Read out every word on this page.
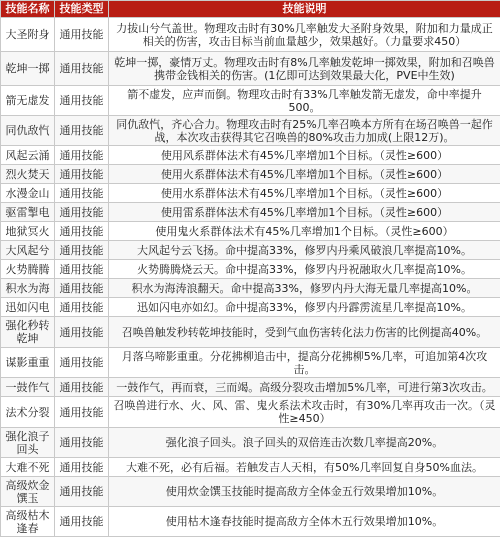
技能名称	技能类型	技能说明
大圣附身	通用技能	力拔山兮气盖世。物理攻击时有30%几率触发大圣附身效果，附加和力量成正相关的伤害，攻击目标当前血量越少，效果越好。（力量要求450）
乾坤一掷	通用技能	乾坤一掷，豪情万丈。物理攻击时有8%几率触发乾坤一掷效果，附加和召唤兽携带金钱相关的伤害。(1亿即可达到效果最大化，PVE中生效)
箭无虚发	通用技能	箭不虚发，应声而倒。物理攻击时有33%几率触发箭无虚发，命中率提升500。
同仇敌忾	通用技能	同仇敌忾，齐心合力。物理攻击时有25%几率召唤本方所有在场召唤兽一起作战，本次攻击获得其它召唤兽的80%攻击力加成(上限12万)。
风起云涌	通用技能	使用风系群体法术有45%几率增加1个目标。（灵性≥600）
烈火焚天	通用技能	使用火系群体法术有45%几率增加1个目标。（灵性≥600）
水漫金山	通用技能	使用水系群体法术有45%几率增加1个目标。（灵性≥600）
驱雷掣电	通用技能	使用雷系群体法术有45%几率增加1个目标。（灵性≥600）
地狱冥火	通用技能	使用鬼火系群体法术有45%几率增加1个目标。（灵性≥600）
大风起兮	通用技能	大风起兮云飞扬。命中提高33%，修罗内丹乘风破浪几率提高10%。
火势腾腾	通用技能	火势腾腾烧云天。命中提高33%，修罗内丹祝融取火几率提高10%。
积水为海	通用技能	积水为海涛浪翻天。命中提高33%，修罗内丹大海无量几率提高10%。
迅如闪电	通用技能	迅如闪电亦如幻。命中提高33%，修罗内丹霹雳流星几率提高10%。
强化秒转乾坤	通用技能	召唤兽触发秒转乾坤技能时，受到气血伤害转化法力伤害的比例提高40%。
谋影重重	通用技能	月落乌啼影重重。分花拂柳追击中，提高分花拂柳5%几率，可追加第4次攻击。
一鼓作气	通用技能	一鼓作气，再而衰，三而竭。高级分裂攻击增加5%几率，可进行第3次攻击。
法术分裂	通用技能	召唤兽进行水、火、风、雷、鬼火系法术攻击时，有30%几率再攻击一次。（灵性≥450）
强化浪子回头	通用技能	强化浪子回头。浪子回头的双倍连击次数几率提高20%。
大难不死	通用技能	大难不死，必有后福。若触发吉人天相，有50%几率回复自身50%血法。
高级炊金馔玉	通用技能	使用炊金馔玉技能时提高敌方全体金五行效果增加10%。
高级枯木逢春	通用技能	使用枯木逢春技能时提高敌方全体木五行效果增加10%。
